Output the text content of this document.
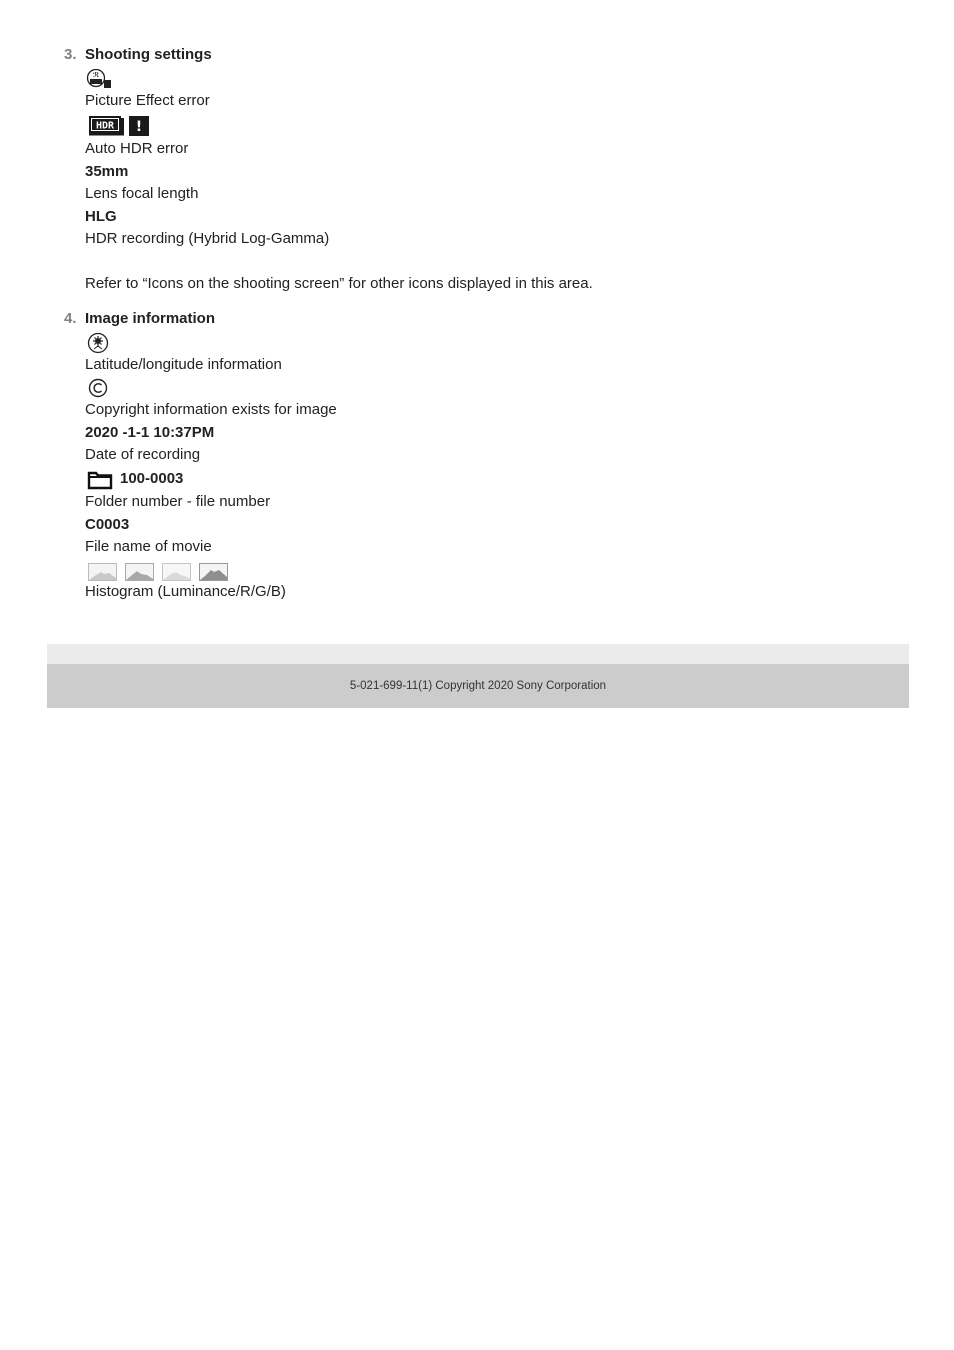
3. Shooting settings
ℛ
Picture Effect error
HDR !
Auto HDR error
35mm
Lens focal length
HLG
HDR recording (Hybrid Log-Gamma)
Refer to “Icons on the shooting screen” for other icons displayed in this area.
4. Image information
Latitude/longitude information
Copyright information exists for image
2020 -1-1 10:37PM
Date of recording
100-0003
Folder number - file number
C0003
File name of movie
Histogram (Luminance/R/G/B)
5-021-699-11(1) Copyright 2020 Sony Corporation
